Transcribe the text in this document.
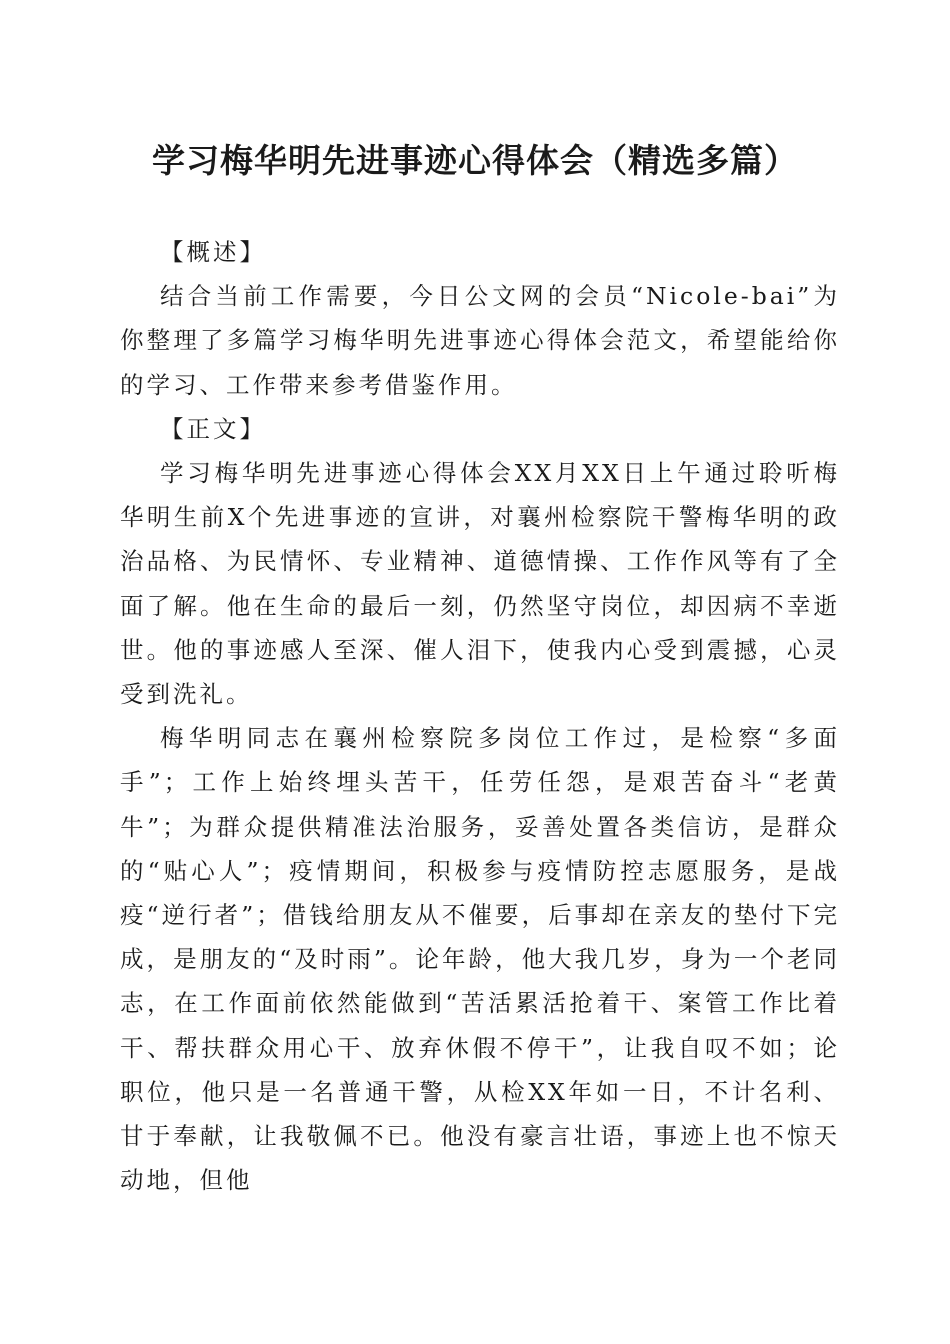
学习梅华明先进事迹心得体会（精选多篇）

【概述】

结合当前工作需要，今日公文网的会员“Nicole-bai”为你整理了多篇学习梅华明先进事迹心得体会范文，希望能给你的学习、工作带来参考借鉴作用。

【正文】

学习梅华明先进事迹心得体会XX月XX日上午通过聆听梅华明生前X个先进事迹的宣讲，对襄州检察院干警梅华明的政治品格、为民情怀、专业精神、道德情操、工作作风等有了全面了解。他在生命的最后一刻，仍然坚守岗位，却因病不幸逝世。他的事迹感人至深、催人泪下，使我内心受到震撼，心灵受到洗礼。

梅华明同志在襄州检察院多岗位工作过，是检察“多面手”；工作上始终埋头苦干，任劳任怨，是艰苦奋斗“老黄牛”；为群众提供精准法治服务，妥善处置各类信访，是群众的“贴心人”；疫情期间，积极参与疫情防控志愿服务，是战疫“逆行者”；借钱给朋友从不催要，后事却在亲友的垫付下完成，是朋友的“及时雨”。论年龄，他大我几岁，身为一个老同志，在工作面前依然能做到“苦活累活抢着干、案管工作比着干、帮扶群众用心干、放弃休假不停干”，让我自叹不如；论职位，他只是一名普通干警，从检XX年如一日，不计名利、甘于奉献，让我敬佩不已。他没有豪言壮语，事迹上也不惊天动地，但他
